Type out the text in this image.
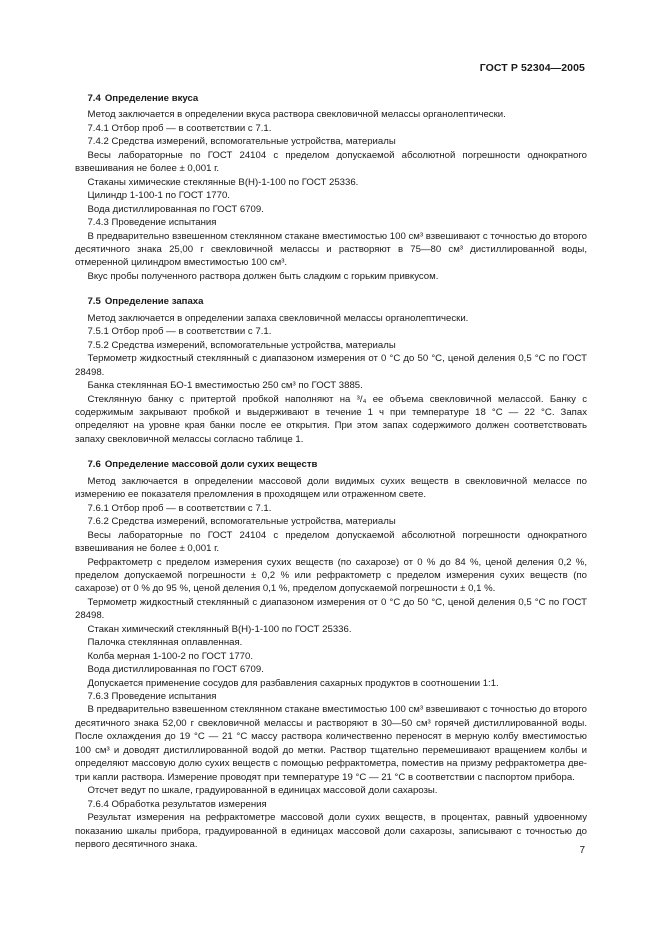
ГОСТ Р 52304—2005

7.4 Определение вкуса

Метод заключается в определении вкуса раствора свекловичной мелассы органолептически.

7.4.1 Отбор проб — в соответствии с 7.1.

7.4.2 Средства измерений, вспомогательные устройства, материалы

Весы лабораторные по ГОСТ 24104 с пределом допускаемой абсолютной погрешности однократного взвешивания не более ± 0,001 г.

Стаканы химические стеклянные В(Н)-1-100 по ГОСТ 25336.

Цилиндр 1-100-1 по ГОСТ 1770.

Вода дистиллированная по ГОСТ 6709.

7.4.3 Проведение испытания

В предварительно взвешенном стеклянном стакане вместимостью 100 см³ взвешивают с точностью до второго десятичного знака 25,00 г свекловичной мелассы и растворяют в 75—80 см³ дистиллированной воды, отмеренной цилиндром вместимостью 100 см³.

Вкус пробы полученного раствора должен быть сладким с горьким привкусом.

7.5 Определение запаха

Метод заключается в определении запаха свекловичной мелассы органолептически.

7.5.1 Отбор проб — в соответствии с 7.1.

7.5.2 Средства измерений, вспомогательные устройства, материалы

Термометр жидкостный стеклянный с диапазоном измерения от 0 °С до 50 °С, ценой деления 0,5 °С по ГОСТ 28498.

Банка стеклянная БО-1 вместимостью 250 см³ по ГОСТ 3885.

Стеклянную банку с притертой пробкой наполняют на ³/₄ ее объема свекловичной мелассой. Банку с содержимым закрывают пробкой и выдерживают в течение 1 ч при температуре 18 °С — 22 °С. Запах определяют на уровне края банки после ее открытия. При этом запах содержимого должен соответствовать запаху свекловичной мелассы согласно таблице 1.

7.6 Определение массовой доли сухих веществ

Метод заключается в определении массовой доли видимых сухих веществ в свекловичной мелассе по измерению ее показателя преломления в проходящем или отраженном свете.

7.6.1 Отбор проб — в соответствии с 7.1.

7.6.2 Средства измерений, вспомогательные устройства, материалы

Весы лабораторные по ГОСТ 24104 с пределом допускаемой абсолютной погрешности однократного взвешивания не более ± 0,001 г.

Рефрактометр с пределом измерения сухих веществ (по сахарозе) от 0 % до 84 %, ценой деления 0,2 %, пределом допускаемой погрешности ± 0,2 % или рефрактометр с пределом измерения сухих веществ (по сахарозе) от 0 % до 95 %, ценой деления 0,1 %, пределом допускаемой погрешности ± 0,1 %.

Термометр жидкостный стеклянный с диапазоном измерения от 0 °С до 50 °С, ценой деления 0,5 °С по ГОСТ 28498.

Стакан химический стеклянный В(Н)-1-100 по ГОСТ 25336.

Палочка стеклянная оплавленная.

Колба мерная 1-100-2 по ГОСТ 1770.

Вода дистиллированная по ГОСТ 6709.

Допускается применение сосудов для разбавления сахарных продуктов в соотношении 1:1.

7.6.3 Проведение испытания

В предварительно взвешенном стеклянном стакане вместимостью 100 см³ взвешивают с точностью до второго десятичного знака 52,00 г свекловичной мелассы и растворяют в 30—50 см³ горячей дистиллированной воды. После охлаждения до 19 °С — 21 °С массу раствора количественно переносят в мерную колбу вместимостью 100 см³ и доводят дистиллированной водой до метки. Раствор тщательно перемешивают вращением колбы и определяют массовую долю сухих веществ с помощью рефрактометра, поместив на призму рефрактометра две-три капли раствора. Измерение проводят при температуре 19 °С — 21 °С в соответствии с паспортом прибора.

Отсчет ведут по шкале, градуированной в единицах массовой доли сахарозы.

7.6.4 Обработка результатов измерения

Результат измерения на рефрактометре массовой доли сухих веществ, в процентах, равный удвоенному показанию шкалы прибора, градуированной в единицах массовой доли сахарозы, записывают с точностью до первого десятичного знака.

7
